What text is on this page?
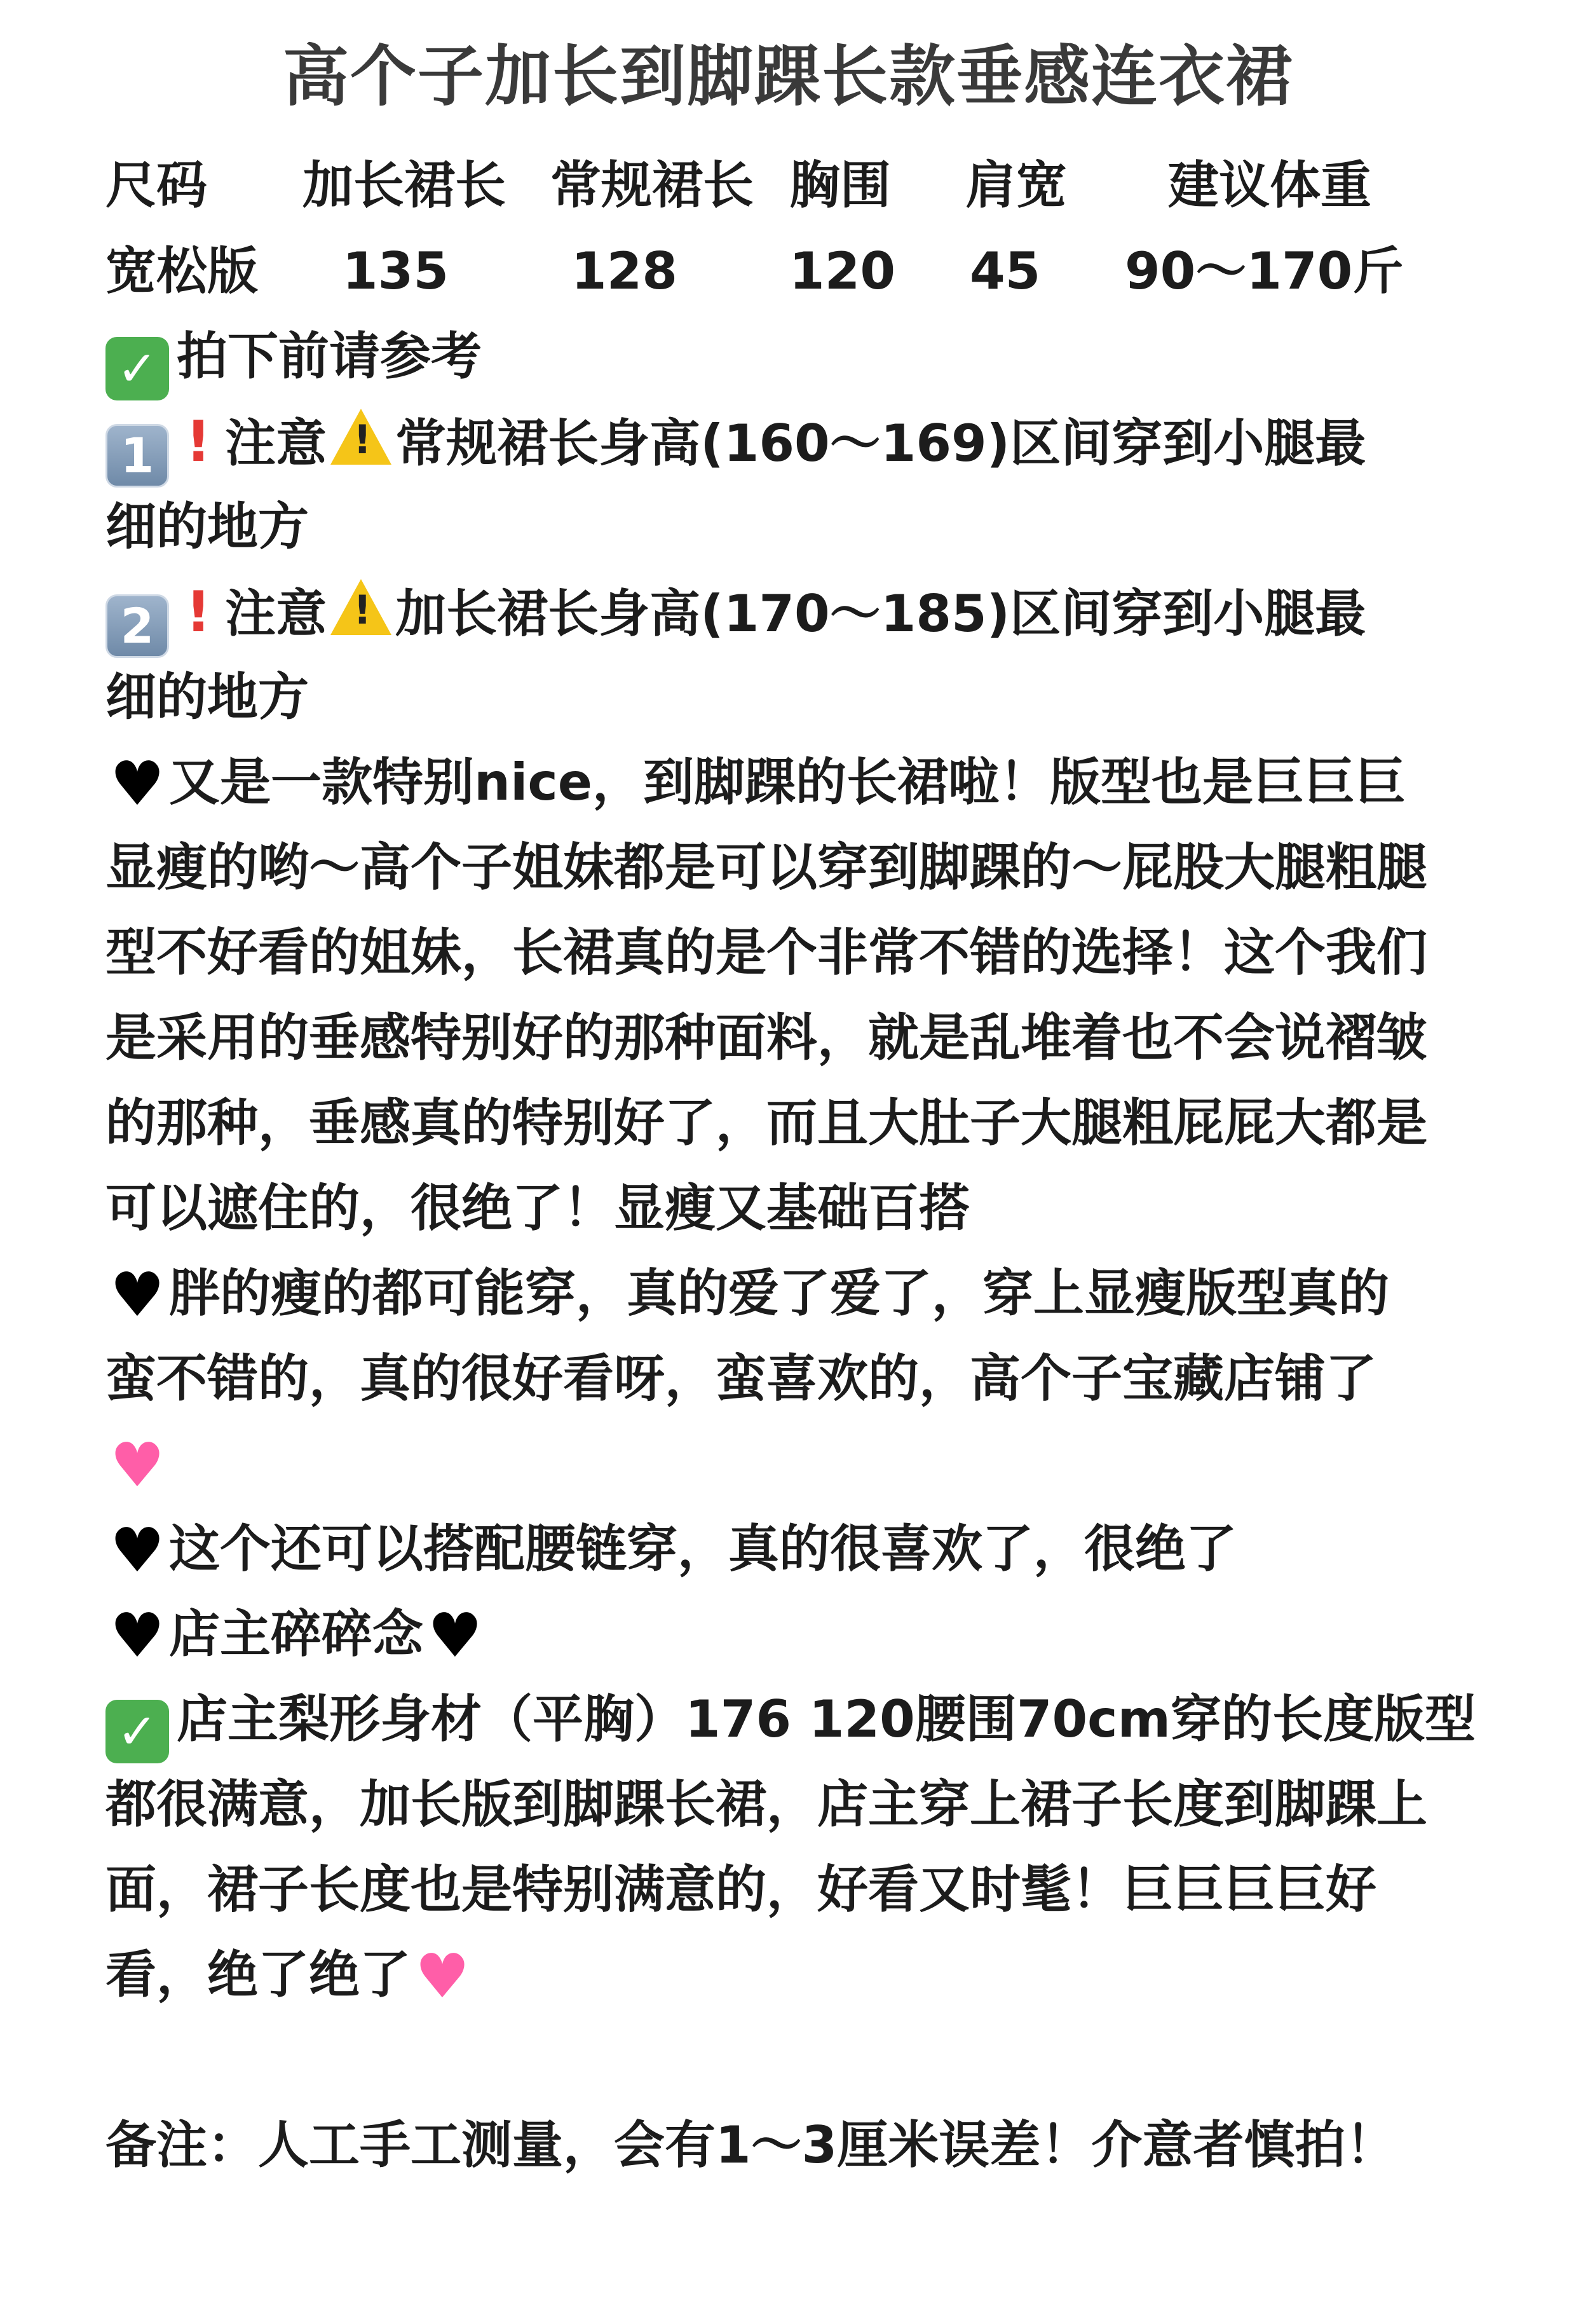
高个子加长到脚踝长款垂感连衣裙
尺码 加长裙长 常规裙长 胸围 肩宽 建议体重
宽松版 135 128 120 45 90～170斤
✓ 拍下前请参考
1 ! 注意 ! 常规裙长身高(160～169)区间穿到小腿最
细的地方
2 ! 注意 ! 加长裙长身高(170～185)区间穿到小腿最
细的地方
♥又是一款特别nice，到脚踝的长裙啦！版型也是巨巨巨
显瘦的哟～高个子姐妹都是可以穿到脚踝的～屁股大腿粗腿
型不好看的姐妹，长裙真的是个非常不错的选择！这个我们
是采用的垂感特别好的那种面料，就是乱堆着也不会说褶皱
的那种，垂感真的特别好了，而且大肚子大腿粗屁屁大都是
可以遮住的，很绝了！显瘦又基础百搭
♥胖的瘦的都可能穿，真的爱了爱了，穿上显瘦版型真的
蛮不错的，真的很好看呀，蛮喜欢的，高个子宝藏店铺了
♥
♥这个还可以搭配腰链穿，真的很喜欢了，很绝了
♥店主碎碎念♥
✓ 店主梨形身材（平胸）176 120腰围70cm穿的长度版型
都很满意，加长版到脚踝长裙，店主穿上裙子长度到脚踝上
面，裙子长度也是特别满意的，好看又时髦！巨巨巨巨好
看，绝了绝了♥
备注：人工手工测量，会有1～3厘米误差！介意者慎拍！
